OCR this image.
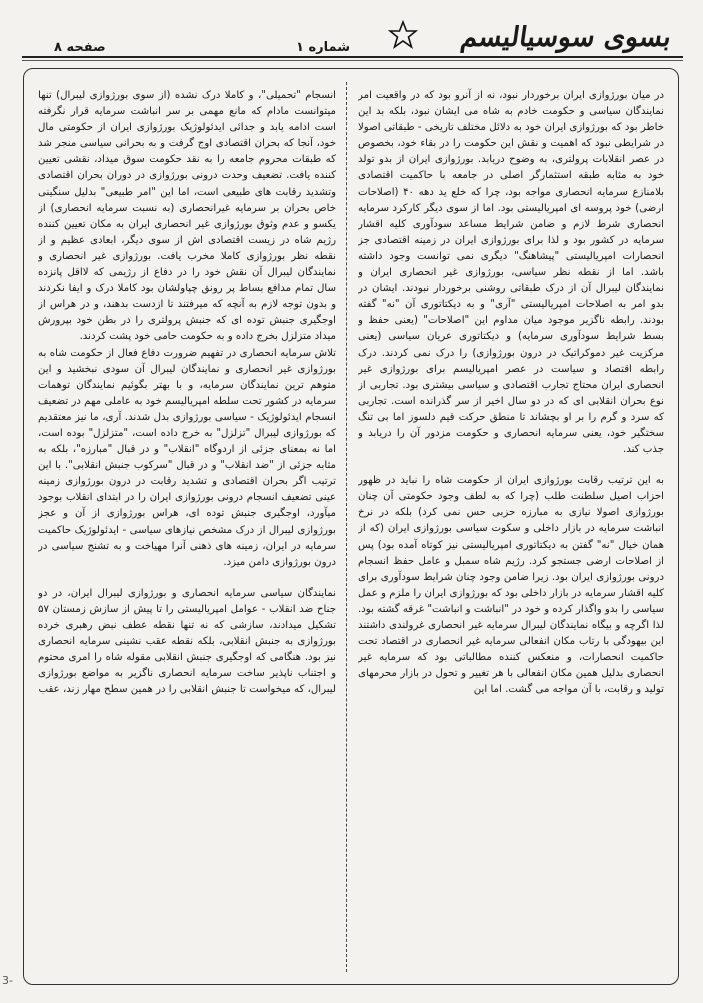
صفحه ۸	شماره ۱	بسوی سوسیالیسم

در میان بورژوازی ایران برخوردار نبود، نه از آنرو بود که در واقعیت امر نمایندگان سیاسی و حکومت خادم به شاه می ایشان نبود، بلکه بد این خاطر بود که بورژوازی ایران خود به دلائل مختلف تاریخی - طبقاتی اصولا در شرایطی نبود که اهمیت و نقش این حکومت را در بقاء خود، بخصوص در عصر انقلابات پرولتری، به وضوح دریابد. بورژوازی ایران از بدو تولد خود به مثابه طبقه استثمارگر اصلی در جامعه با حاکمیت اقتصادی بلامنازع سرمایه انحصاری مواجه بود، چرا که خلع ید دهه ۴۰ (اصلاحات ارضی) خود پروسه ای امپریالیستی بود. اما از سوی دیگر کارکرد سرمایه انحصاری شرط لازم و ضامن شرایط مساعد سودآوری کلیه اقشار سرمایه در کشور بود و لذا برای بورژوازی ایران در زمینه اقتصادی جز انحصارات امپریالیستی "پیشاهنگ" دیگری نمی توانست وجود داشته باشد. اما از نقطه نظر سیاسی، بورژوازی غیر انحصاری ایران و نمایندگان لیبرال آن از درک طبقاتی روشنی برخوردار نبودند. ایشان در بدو امر به اصلاحات امپریالیستی "آری" و به دیکتاتوری آن "نه" گفته بودند. رابطه ناگزیر موجود میان مداوم این "اصلاحات" (یعنی حفظ و بسط شرایط سودآوری سرمایه) و دیکتاتوری عریان سیاسی (یعنی مرکزیت غیر دموکراتیک در درون بورژوازی) را درک نمی کردند. درک رابطه اقتصاد و سیاست در عصر امپریالیسم برای بورژوازی غیر انحصاری ایران محتاج تجارب اقتصادی و سیاسی بیشتری بود. تجاربی از نوع بحران انقلابی ای که در دو سال اخیر از سر گذرانده است. تجاربی که سرد و گرم را بر او بچشاند تا منطق حرکت قیم دلسوز اما بی تنگ سختگیر خود، یعنی سرمایه انحصاری و حکومت مزدور آن را دریابد و جذب کند.

به این ترتیب رقابت بورژوازی ایران از حکومت شاه را نباید در ظهور احزاب اصیل سلطنت طلب (چرا که به لطف وجود حکومتی آن چنان بورژوازی اصولا نیازی به مبارزه حزبی حس نمی کرد) بلکه در نرخ انباشت سرمایه در بازار داخلی و سکوت سیاسی بورژوازی ایران (که از همان خیال "نه" گفتن به دیکتاتوری امپریالیستی نیز کوتاه آمده بود) پس از اصلاحات ارضی جستجو کرد. رژیم شاه سمبل و عامل حفظ انسجام درونی بورژوازی ایران بود. زیرا ضامن وجود چنان شرایط سودآوری برای کلیه اقشار سرمایه در بازار داخلی بود که بورژوازی ایران را ملزم و عمل سیاسی را بدو واگذار کرده و خود در "انباشت و انباشت" غرقه گشته بود. لذا اگرچه و بیگاه نمایندگان لیبرال سرمایه غیر انحصاری غرولندی داشتند این بیهودگی با رتاب مکان انفعالی سرمایه غیر انحصاری در اقتصاد تحت حاکمیت انحصارات، و منعکس کننده مطالباتی بود که سرمایه غیر انحصاری بدلیل همین مکان انفعالی با هر تغییر و تحول در بازار محرمهای تولید و رقابت، با آن مواجه می گشت. اما این

انسجام "تحمیلی"، و کاملا درک نشده (از سوی بورژوازی لیبرال) تنها میتوانست مادام که مانع مهمی بر سر انباشت سرمایه قرار نگرفته است ادامه یابد و جدائی ایدئولوژیک بورژوازی ایران از حکومتی مال خود، آنجا که بحران اقتصادی اوج گرفت و به بحرانی سیاسی منجر شد که طبقات محروم جامعه را به نقد حکومت سوق میداد، نقشی تعیین کننده یافت. تضعیف وحدت درونی بورژوازی در دوران بحران اقتصادی وتشدید رقابت های طبیعی است، اما این "امر طبیعی" بدلیل سنگینی خاص بحران بر سرمایه غیرانحصاری (به نسبت سرمایه انحصاری) از یکسو و عدم وثوق بورژوازی غیر انحصاری ایران به مکان تعیین کننده رژیم شاه در زیست اقتصادی اش از سوی دیگر، ابعادی عظیم و از نقطه نظر بورژوازی کاملا مخرب یافت. بورژوازی غیر انحصاری و نمایندگان لیبرال آن نقش خود را در دفاع از رژیمی که لااقل پانزده سال تمام مدافع بساط پر رونق چپاولشان بود کاملا درک و ایفا نکردند و بدون توجه لازم به آنچه که میرفتند تا ازدست بدهند، و در هراس از اوجگیری جنبش توده ای که جنبش پرولتری را در بطن خود بپرورش میداد متزلزل بخرج داده و به حکومت حامی خود پشت کردند.

تلاش سرمایه انحصاری در تفهیم ضرورت دفاع فعال از حکومت شاه به بورژوازی غیر انحصاری و نمایندگان لیبرال آن سودی نبخشید و این متوهم ترین نمایندگان سرمایه، و با بهتر بگوئیم نمایندگان توهمات سرمایه در کشور تحت سلطه امپریالیسم خود به عاملی مهم در تضعیف انسجام ایدئولوژیک - سیاسی بورژوازی بدل شدند. آری، ما نیز معتقدیم که بورژوازی لیبرال "تزلزل" به خرج داده است، "متزلزل" بوده است، اما نه بمعنای جزئی از اردوگاه "انقلاب" و در قبال "مبارزه"، بلکه به مثابه جزئی از "ضد انقلاب" و در قبال "سرکوب جنبش انقلابی". با این ترتیب اگر بحران اقتصادی و تشدید رقابت در درون بورژوازی زمینه عینی تضعیف انسجام درونی بورژوازی ایران را در ابتدای انقلاب بوجود میآورد، اوجگیری جنبش توده ای، هراس بورژوازی از آن و عجز بورژوازی لیبرال از درک مشخص نیازهای سیاسی - ایدئولوژیک حاکمیت سرمایه در ایران، زمینه های ذهنی آنرا مهیاخت و به تشنج سیاسی در درون بورژوازی دامن میزد.

نمایندگان سیاسی سرمایه انحصاری و بورژوازی لیبرال ایران، در دو جناح ضد انقلاب - عوامل امپریالیستی را تا پیش از سازش زمستان ۵۷ تشکیل میدادند، سازشی که نه تنها نقطه عطف نبض رهبری خرده بورژوازی به جنبش انقلابی، بلکه نقطه عقب نشینی سرمایه انحصاری نیز بود. هنگامی که اوجگیری جنبش انقلابی مقوله شاه را امری محتوم و اجتناب ناپذیر ساخت سرمایه انحصاری ناگزیر به مواضع بورژوازی لیبرال، که میخواست تا جنبش انقلابی را در همین سطح مهار زند، عقب

3-
